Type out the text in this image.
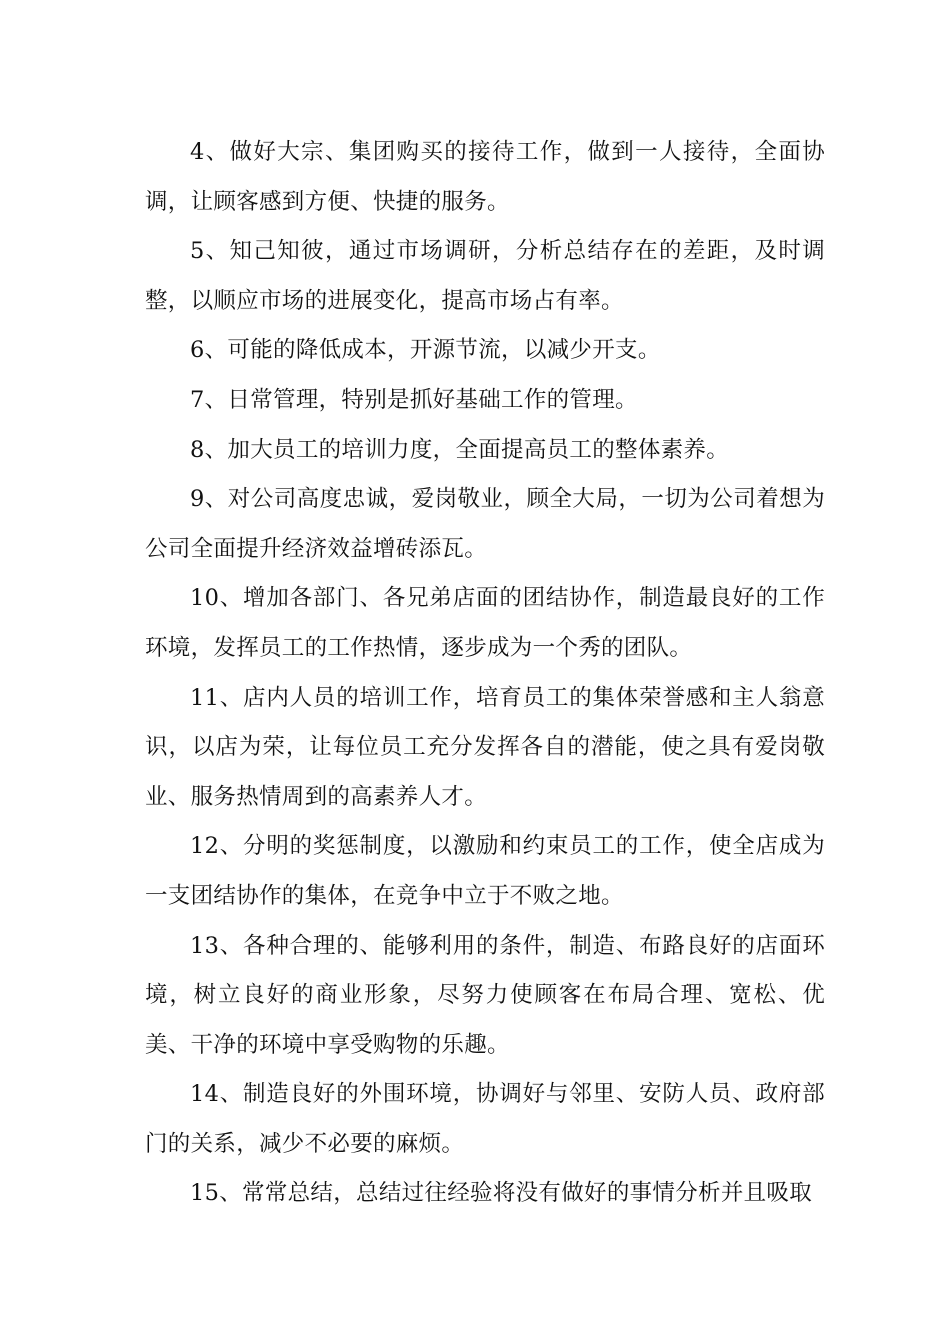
4、做好大宗、集团购买的接待工作，做到一人接待，全面协调，让顾客感到方便、快捷的服务。

5、知己知彼，通过市场调研，分析总结存在的差距，及时调整，以顺应市场的进展变化，提高市场占有率。

6、可能的降低成本，开源节流，以减少开支。

7、日常管理，特别是抓好基础工作的管理。

8、加大员工的培训力度，全面提高员工的整体素养。

9、对公司高度忠诚，爱岗敬业，顾全大局，一切为公司着想为公司全面提升经济效益增砖添瓦。

10、增加各部门、各兄弟店面的团结协作，制造最良好的工作环境，发挥员工的工作热情，逐步成为一个秀的团队。

11、店内人员的培训工作，培育员工的集体荣誉感和主人翁意识，以店为荣，让每位员工充分发挥各自的潜能，使之具有爱岗敬业、服务热情周到的高素养人才。

12、分明的奖惩制度，以激励和约束员工的工作，使全店成为一支团结协作的集体，在竞争中立于不败之地。

13、各种合理的、能够利用的条件，制造、布路良好的店面环境，树立良好的商业形象，尽努力使顾客在布局合理、宽松、优美、干净的环境中享受购物的乐趣。

14、制造良好的外围环境，协调好与邻里、安防人员、政府部门的关系，减少不必要的麻烦。

15、常常总结，总结过往经验将没有做好的事情分析并且吸取
